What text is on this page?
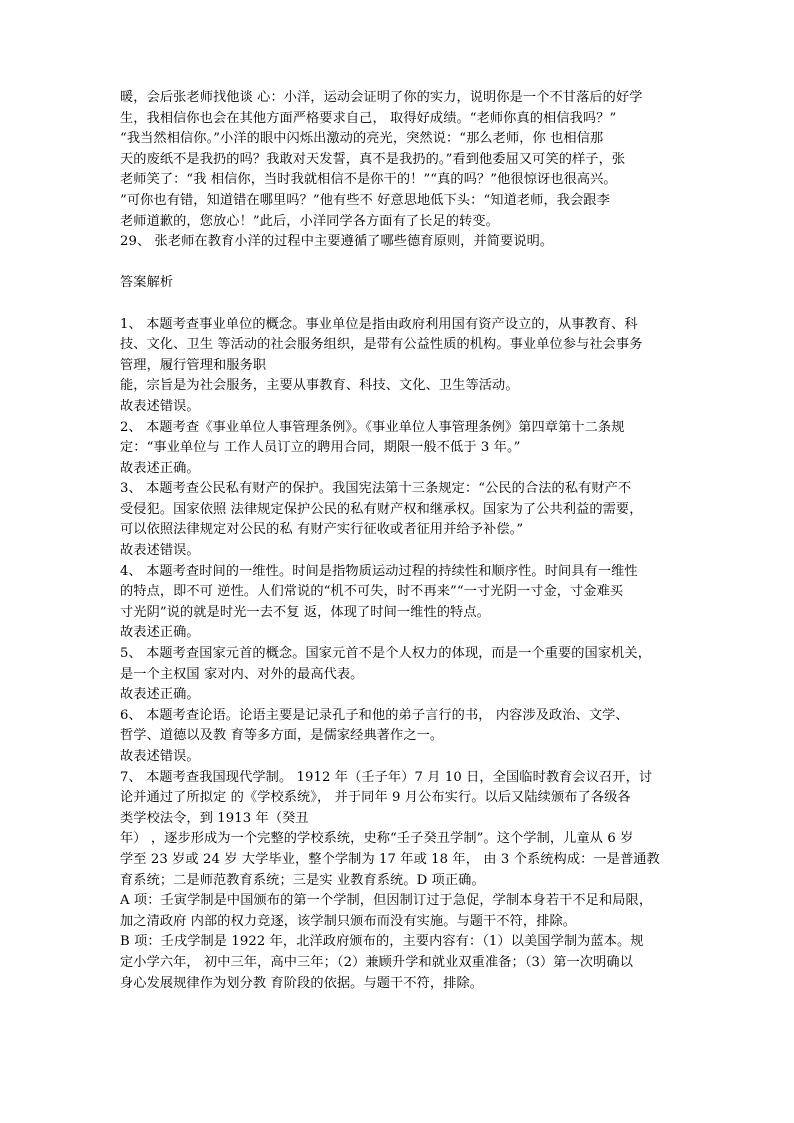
暖，会后张老师找他谈 心：小洋，运动会证明了你的实力，说明你是一个不甘落后的好学
生，我相信你也会在其他方面严格要求自己， 取得好成绩。“老师你真的相信我吗？”
“我当然相信你。”小洋的眼中闪烁出激动的亮光，突然说：“那么老师，你 也相信那
天的废纸不是我扔的吗？我敢对天发誓，真不是我扔的。”看到他委屈又可笑的样子，张
老师笑了：“我 相信你，当时我就相信不是你干的！”“真的吗？”他很惊讶也很高兴。
”可你也有错，知道错在哪里吗？”他有些不 好意思地低下头：“知道老师，我会跟李
老师道歉的，您放心！”此后，小洋同学各方面有了长足的转变。
29、 张老师在教育小洋的过程中主要遵循了哪些德育原则，并简要说明。
答案解析
1、 本题考查事业单位的概念。事业单位是指由政府利用国有资产设立的，从事教育、科
技、文化、卫生 等活动的社会服务组织，是带有公益性质的机构。事业单位参与社会事务
管理，履行管理和服务职
能，宗旨是为社会服务，主要从事教育、科技、文化、卫生等活动。
故表述错误。
2、 本题考查《事业单位人事管理条例》。《事业单位人事管理条例》第四章第十二条规
定：“事业单位与 工作人员订立的聘用合同，期限一般不低于 3 年。”
故表述正确。
3、 本题考查公民私有财产的保护。我国宪法第十三条规定：“公民的合法的私有财产不
受侵犯。国家依照 法律规定保护公民的私有财产权和继承权。国家为了公共利益的需要，
可以依照法律规定对公民的私 有财产实行征收或者征用并给予补偿。”
故表述错误。
4、 本题考查时间的一维性。时间是指物质运动过程的持续性和顺序性。时间具有一维性
的特点，即不可 逆性。人们常说的“机不可失，时不再来”“一寸光阴一寸金，寸金难买
寸光阴”说的就是时光一去不复 返，体现了时间一维性的特点。
故表述正确。
5、 本题考查国家元首的概念。国家元首不是个人权力的体现，而是一个重要的国家机关，
是一个主权国 家对内、对外的最高代表。
故表述正确。
6、 本题考查论语。论语主要是记录孔子和他的弟子言行的书， 内容涉及政治、文学、
哲学、道德以及教 育等多方面，是儒家经典著作之一。
故表述错误。
7、 本题考查我国现代学制。 1912 年（壬子年）7 月 10 日，全国临时教育会议召开，讨
论并通过了所拟定 的《学校系统》， 并于同年 9 月公布实行。以后又陆续颁布了各级各
类学校法令，到 1913 年（癸丑
年） ，逐步形成为一个完整的学校系统，史称“壬子癸丑学制”。这个学制，儿童从 6 岁
学至 23 岁或 24 岁 大学毕业，整个学制为 17 年或 18 年， 由 3 个系统构成：一是普通教
育系统；二是师范教育系统；三是实 业教育系统。D 项正确。
A 项：壬寅学制是中国颁布的第一个学制，但因制订过于急促，学制本身若干不足和局限，
加之清政府 内部的权力竞逐，该学制只颁布而没有实施。与题干不符，排除。
B 项：壬戌学制是 1922 年，北洋政府颁布的，主要内容有：（1）以美国学制为蓝本。规
定小学六年， 初中三年，高中三年；（2）兼顾升学和就业双重准备；（3）第一次明确以
身心发展规律作为划分教 育阶段的依据。与题干不符，排除。
